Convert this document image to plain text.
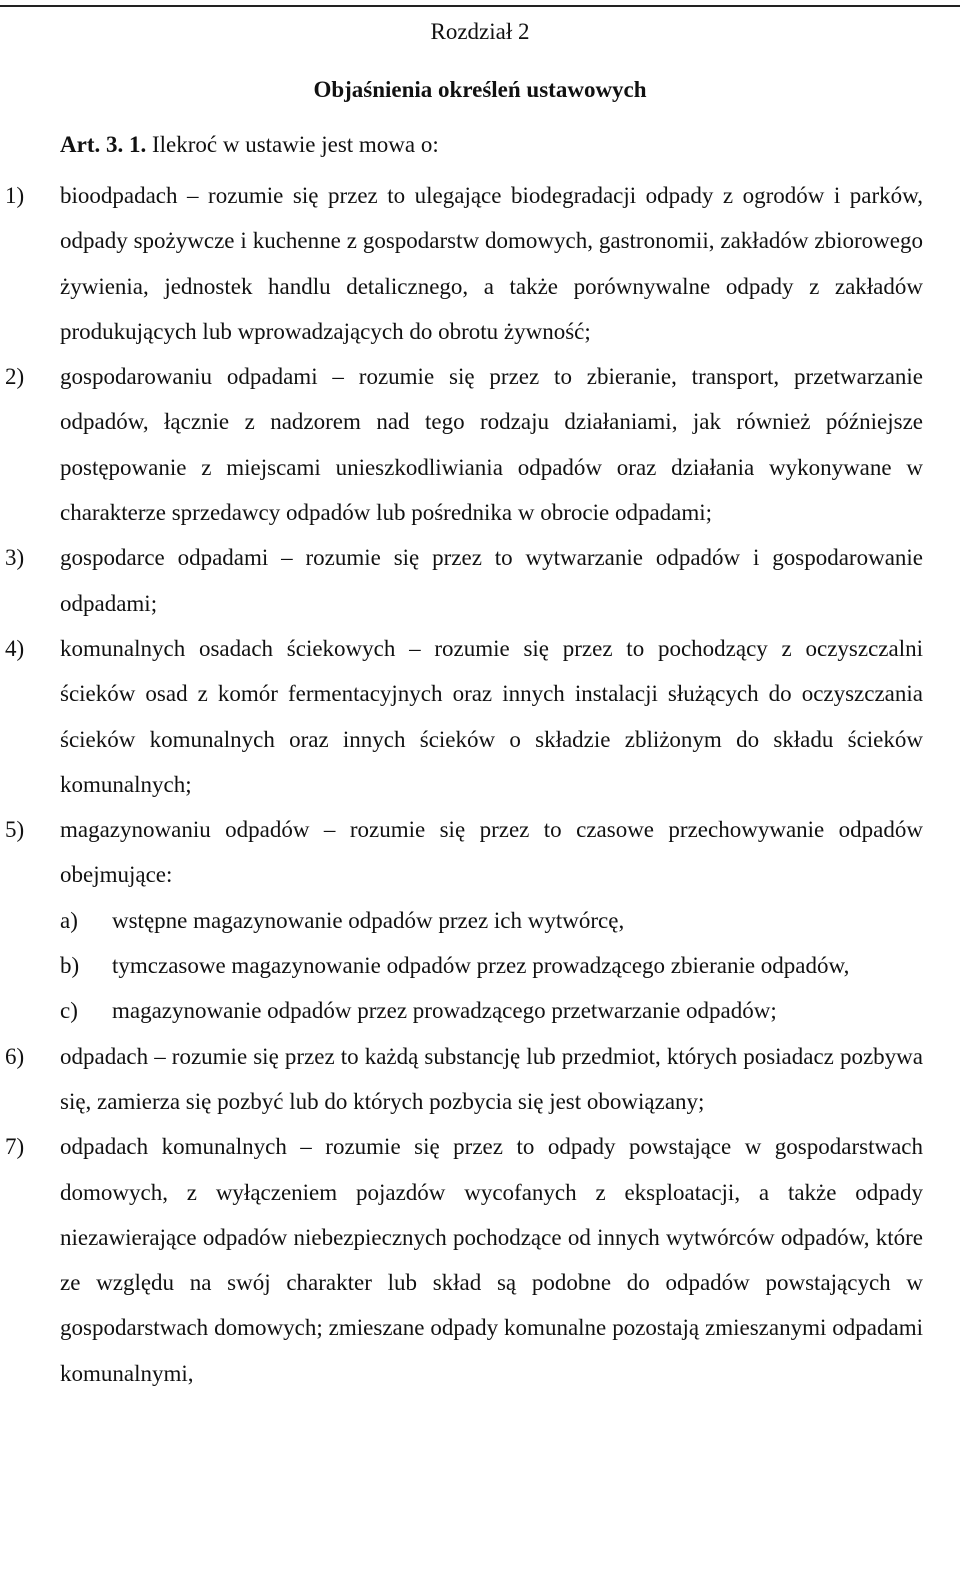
Rozdział 2
Objaśnienia określeń ustawowych
Art. 3. 1. Ilekroć w ustawie jest mowa o:
1) bioodpadach – rozumie się przez to ulegające biodegradacji odpady z ogrodów i parków, odpady spożywcze i kuchenne z gospodarstw domowych, gastronomii, zakładów zbiorowego żywienia, jednostek handlu detalicznego, a także porównywalne odpady z zakładów produkujących lub wprowadzających do obrotu żywność;
2) gospodarowaniu odpadami – rozumie się przez to zbieranie, transport, przetwarzanie odpadów, łącznie z nadzorem nad tego rodzaju działaniami, jak również późniejsze postępowanie z miejscami unieszkodliwiania odpadów oraz działania wykonywane w charakterze sprzedawcy odpadów lub pośrednika w obrocie odpadami;
3) gospodarce odpadami – rozumie się przez to wytwarzanie odpadów i gospodarowanie odpadami;
4) komunalnych osadach ściekowych – rozumie się przez to pochodzący z oczyszczalni ścieków osad z komór fermentacyjnych oraz innych instalacji służących do oczyszczania ścieków komunalnych oraz innych ścieków o składzie zbliżonym do składu ścieków komunalnych;
5) magazynowaniu odpadów – rozumie się przez to czasowe przechowywanie odpadów obejmujące:
a) wstępne magazynowanie odpadów przez ich wytwórcę,
b) tymczasowe magazynowanie odpadów przez prowadzącego zbieranie odpadów,
c) magazynowanie odpadów przez prowadzącego przetwarzanie odpadów;
6) odpadach – rozumie się przez to każdą substancję lub przedmiot, których posiadacz pozbywa się, zamierza się pozbyć lub do których pozbycia się jest obowiązany;
7) odpadach komunalnych – rozumie się przez to odpady powstające w gospodarstwach domowych, z wyłączeniem pojazdów wycofanych z eksploatacji, a także odpady niezawierające odpadów niebezpiecznych pochodzące od innych wytwórców odpadów, które ze względu na swój charakter lub skład są podobne do odpadów powstających w gospodarstwach domowych; zmieszane odpady komunalne pozostają zmieszanymi odpadami komunalnymi,
